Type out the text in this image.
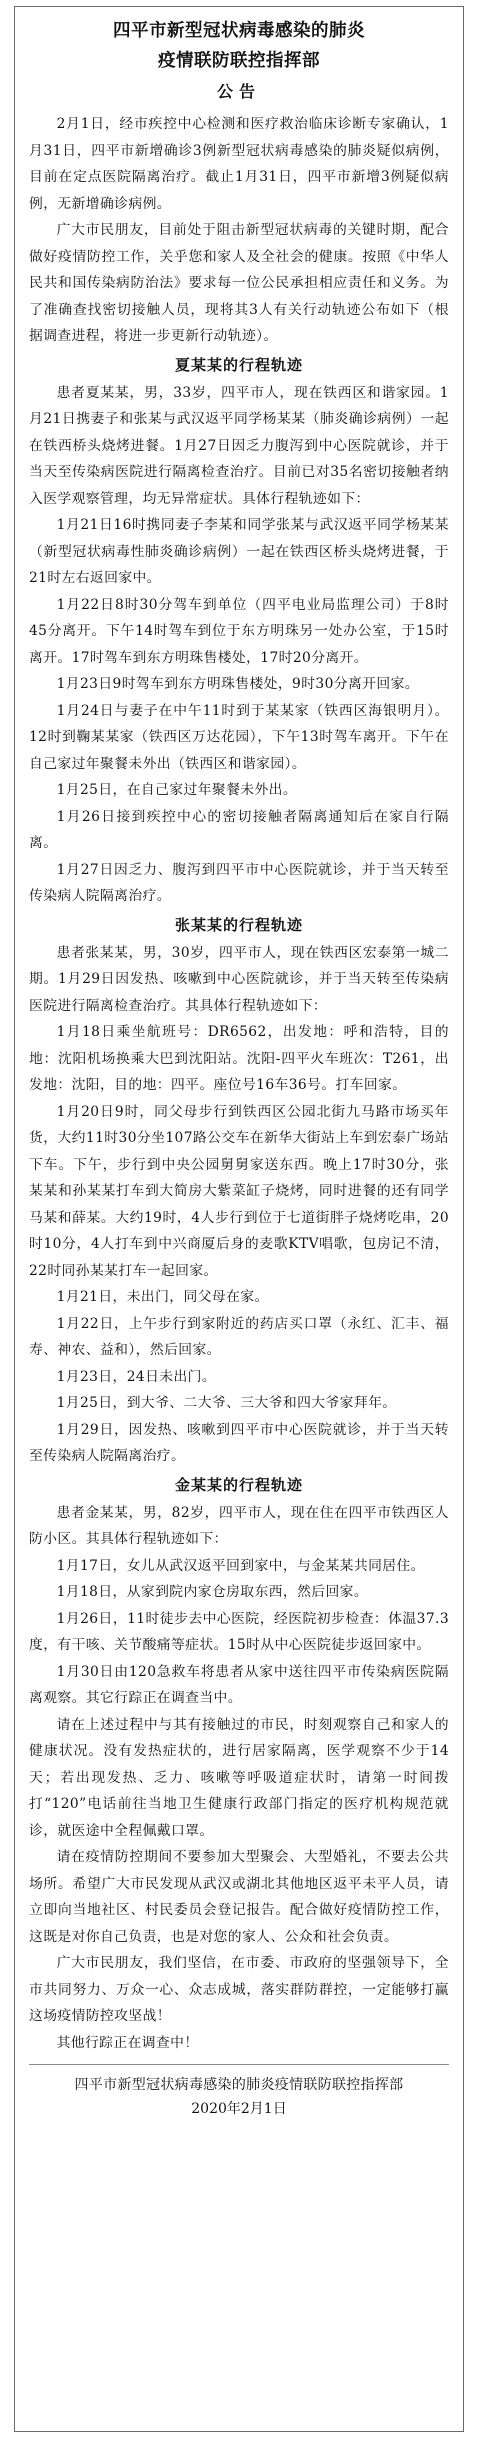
四平市新型冠状病毒感染的肺炎
疫情联防联控指挥部
公告

2月1日，经市疾控中心检测和医疗救治临床诊断专家确认，1月31日，四平市新增确诊3例新型冠状病毒感染的肺炎疑似病例，目前在定点医院隔离治疗。截止1月31日，四平市新增3例疑似病例，无新增确诊病例。

广大市民朋友，目前处于阻击新型冠状病毒的关键时期，配合做好疫情防控工作，关乎您和家人及全社会的健康。按照《中华人民共和国传染病防治法》要求每一位公民承担相应责任和义务。为了准确查找密切接触人员，现将其3人有关行动轨迹公布如下（根据调查进程，将进一步更新行动轨迹）。

夏某某的行程轨迹

患者夏某某，男，33岁，四平市人，现在铁西区和谐家园。1月21日携妻子和张某与武汉返平同学杨某某（肺炎确诊病例）一起在铁西桥头烧烤进餐。1月27日因乏力腹泻到中心医院就诊，并于当天至传染病医院进行隔离检查治疗。目前已对35名密切接触者纳入医学观察管理，均无异常症状。具体行程轨迹如下：

1月21日16时携同妻子李某和同学张某与武汉返平同学杨某某（新型冠状病毒性肺炎确诊病例）一起在铁西区桥头烧烤进餐，于21时左右返回家中。

1月22日8时30分驾车到单位（四平电业局监理公司）于8时45分离开。下午14时驾车到位于东方明珠另一处办公室，于15时离开。17时驾车到东方明珠售楼处，17时20分离开。

1月23日9时驾车到东方明珠售楼处，9时30分离开回家。

1月24日与妻子在中午11时到于某某家（铁西区海银明月）。12时到鞠某某家（铁西区万达花园），下午13时驾车离开。下午在自己家过年聚餐未外出（铁西区和谐家园）。

1月25日，在自己家过年聚餐未外出。

1月26日接到疾控中心的密切接触者隔离通知后在家自行隔离。

1月27日因乏力、腹泻到四平市中心医院就诊，并于当天转至传染病人院隔离治疗。

张某某的行程轨迹

患者张某某，男，30岁，四平市人，现在铁西区宏泰第一城二期。1月29日因发热、咳嗽到中心医院就诊，并于当天转至传染病医院进行隔离检查治疗。其具体行程轨迹如下：

1月18日乘坐航班号：DR6562，出发地：呼和浩特，目的地：沈阳机场换乘大巴到沈阳站。沈阳-四平火车班次：T261，出发地：沈阳，目的地：四平。座位号16车36号。打车回家。

1月20日9时，同父母步行到铁西区公园北街九马路市场买年货，大约11时30分坐107路公交车在新华大街站上车到宏泰广场站下车。下午，步行到中央公园舅舅家送东西。晚上17时30分，张某某和孙某某打车到大简房大紫菜缸子烧烤，同时进餐的还有同学马某和薛某。大约19时，4人步行到位于七道街胖子烧烤吃串，20时10分，4人打车到中兴商厦后身的麦歌KTV唱歌，包房记不清，22时同孙某某打车一起回家。

1月21日，未出门，同父母在家。

1月22日，上午步行到家附近的药店买口罩（永红、汇丰、福寿、神农、益和），然后回家。

1月23日，24日未出门。

1月25日，到大爷、二大爷、三大爷和四大爷家拜年。

1月29日，因发热、咳嗽到四平市中心医院就诊，并于当天转至传染病人院隔离治疗。

金某某的行程轨迹

患者金某某，男，82岁，四平市人，现在住在四平市铁西区人防小区。其具体行程轨迹如下：

1月17日，女儿从武汉返平回到家中，与金某某共同居住。

1月18日，从家到院内家仓房取东西，然后回家。

1月26日，11时徒步去中心医院，经医院初步检查：体温37.3度，有干咳、关节酸痛等症状。15时从中心医院徒步返回家中。

1月30日由120急救车将患者从家中送往四平市传染病医院隔离观察。其它行踪正在调查当中。

请在上述过程中与其有接触过的市民，时刻观察自己和家人的健康状况。没有发热症状的，进行居家隔离，医学观察不少于14天；若出现发热、乏力、咳嗽等呼吸道症状时，请第一时间拨打“120”电话前往当地卫生健康行政部门指定的医疗机构规范就诊，就医途中全程佩戴口罩。

请在疫情防控期间不要参加大型聚会、大型婚礼，不要去公共场所。希望广大市民发现从武汉或湖北其他地区返平未平人员，请立即向当地社区、村民委员会登记报告。配合做好疫情防控工作，这既是对你自己负责，也是对您的家人、公众和社会负责。

广大市民朋友，我们坚信，在市委、市政府的坚强领导下，全市共同努力、万众一心、众志成城，落实群防群控，一定能够打赢这场疫情防控攻坚战！

其他行踪正在调查中！

四平市新型冠状病毒感染的肺炎疫情联防联控指挥部
2020年2月1日
